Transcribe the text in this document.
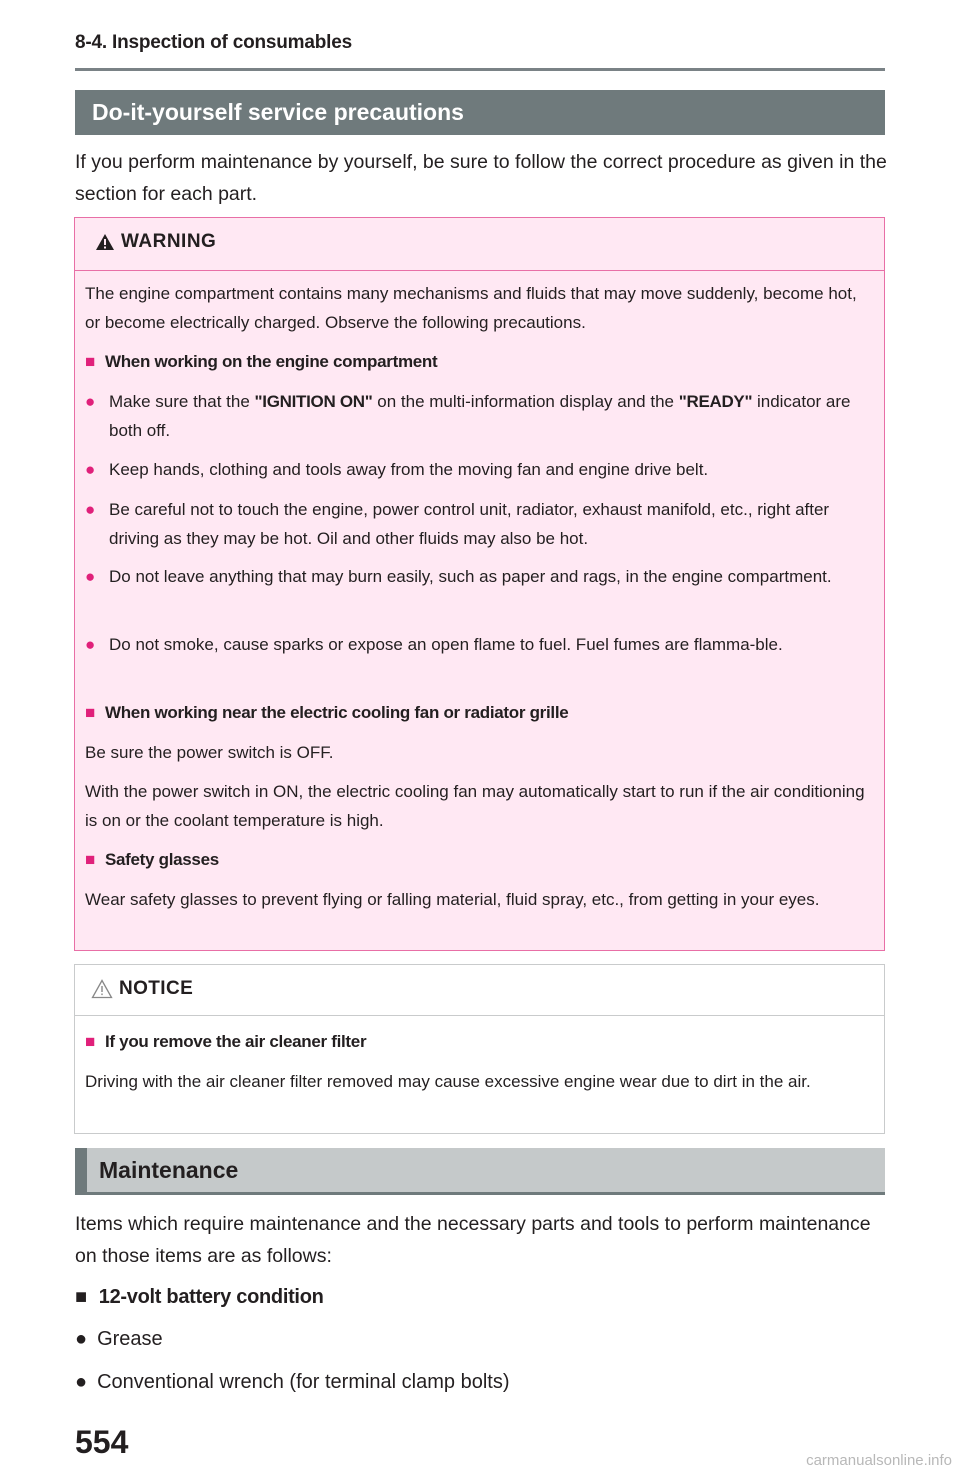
8-4. Inspection of consumables
Do-it-yourself service precautions
If you perform maintenance by yourself, be sure to follow the correct procedure as given in the section for each part.
WARNING
The engine compartment contains many mechanisms and fluids that may move suddenly, become hot, or become electrically charged. Observe the following precautions.
■ When working on the engine compartment
● Make sure that the "IGNITION ON" on the multi-information display and the "READY" indicator are both off.
● Keep hands, clothing and tools away from the moving fan and engine drive belt.
● Be careful not to touch the engine, power control unit, radiator, exhaust manifold, etc., right after driving as they may be hot. Oil and other fluids may also be hot.
● Do not leave anything that may burn easily, such as paper and rags, in the engine compartment.
● Do not smoke, cause sparks or expose an open flame to fuel. Fuel fumes are flamma-ble.
■ When working near the electric cooling fan or radiator grille
Be sure the power switch is OFF.
With the power switch in ON, the electric cooling fan may automatically start to run if the air conditioning is on or the coolant temperature is high.
■ Safety glasses
Wear safety glasses to prevent flying or falling material, fluid spray, etc., from getting in your eyes.
NOTICE
■ If you remove the air cleaner filter
Driving with the air cleaner filter removed may cause excessive engine wear due to dirt in the air.
Maintenance
Items which require maintenance and the necessary parts and tools to perform maintenance on those items are as follows:
■ 12-volt battery condition
● Grease
● Conventional wrench (for terminal clamp bolts)
554
carmanualsonline.info
